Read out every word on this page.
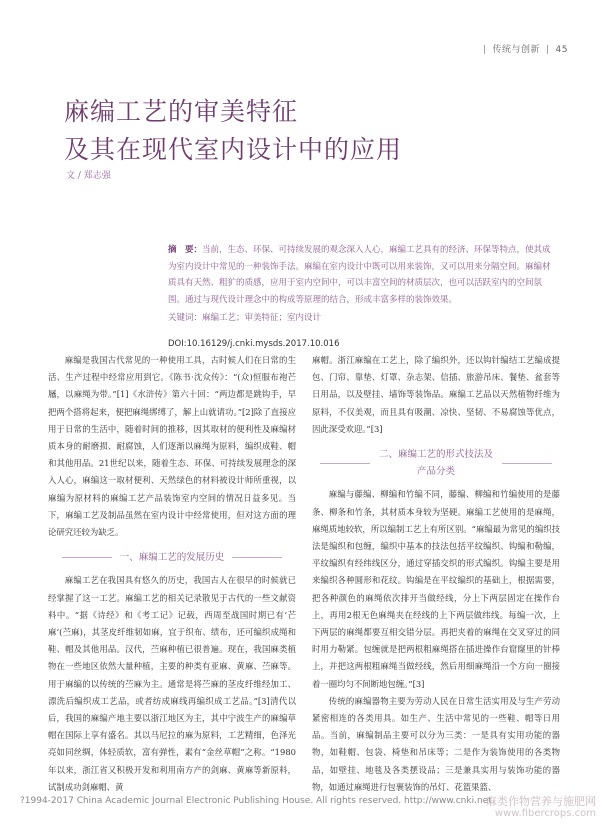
| 传统与创新 | 45
麻编工艺的审美特征
及其在现代室内设计中的应用
文 / 郑志强
摘　要：当前，生态、环保、可持续发展的观念深入人心，麻编工艺具有的经济、环保等特点，使其成为室内设计中常见的一种装饰手法。麻编在室内设计中既可以用来装饰，又可以用来分隔空间。麻编材质具有天然、粗犷的质感，应用于室内空间中，可以丰富空间的材质层次，也可以活跃室内的空间氛围。通过与现代设计理念中的构成等原理的结合，形成丰富多样的装饰效果。
关键词：麻编工艺；审美特征；室内设计
DOI:10.16129/j.cnki.mysds.2017.10.016

麻编是我国古代常见的一种使用工具，古时候人们在日常的生活、生产过程中经常应用到它。《陈书·沈众传》：“(众)恒服布袍芒屩，以麻绳为带。”[1]《水浒传》第六十回：“两边都是跳钩手，早把两个搭将起来，便把麻绳绑缚了，解上山就请功。”[2]除了直接应用于日常的生活中，随着时间的推移，因其取材的便利性及麻编材质本身的耐磨损、耐腐蚀，人们逐渐以麻绳为原料，编织成鞋、帽和其他用品。21世纪以来，随着生态、环保、可持续发展理念的深入人心，麻编这一取材便利、天然绿色的材料被设计师所重视，以麻编为原材料的麻编工艺产品装饰室内空间的情况日益多见。当下，麻编工艺及制品虽然在室内设计中经常使用，但对这方面的理论研究还较为缺乏。

一、麻编工艺的发展历史

麻编工艺在我国具有悠久的历史，我国古人在很早的时候就已经掌握了这一工艺。麻编工艺的相关记录散见于古代的一些文献资料中。“据《诗经》和《考工记》记载，西周至战国时期已有‘芒麻’(苎麻)，其茎皮纤维韧如麻，宜于织布、绩布，还可编织成绳和鞋、帽及其他用品。汉代，苎麻种植已很普遍。现在，我国麻类植物在一些地区依然大量种植，主要的种类有亚麻、黄麻、苎麻等。用于麻编的以传统的苎麻为主。通常是将苎麻的茎皮纤维经加工、漂洗后编织成工艺品，或者纺成麻线再编织成工艺品。”[3]清代以后，我国的麻编产地主要以浙江地区为主，其中宁波生产的麻编草帽在国际上享有盛名。其以马尼拉的麻为原料，工艺精细，色泽光亮如同丝绸，体轻质软，富有弹性，素有“金丝草帽”之称。“1980年以来，浙江省又积极开发和利用南方产的剑麻、黄麻等新原料，试制成功剑麻帽、黄

麻帽。浙江麻编在工艺上，除了编织外，还以钩针编结工艺编成提包、门帘、靠垫、灯罩、杂志架、信插、旅游吊床、餐垫、盆套等日用品，以及壁挂、墙饰等装饰品。麻编工艺品以天然植物纤维为原料，不仅美观，而且具有吸潮、凉快、坚韧、不易腐蚀等优点，因此深受欢迎。”[3]

二、麻编工艺的形式技法及产品分类

麻编与藤编、柳编和竹编不同，藤编、柳编和竹编使用的是藤条、柳条和竹条，其材质本身较为坚硬。麻编工艺使用的是麻绳，麻绳质地较软，所以编制工艺上有所区别。“麻编最为常见的编织技法是编织和包缠，编织中基本的技法包括平纹编织、钩编和勒编，平纹编织有经纬线区分，通过穿插交织的形式编织。钩编主要是用来编织各种圆形和花纹。钩编是在平纹编织的基础上，根据需要，把各种颜色的麻绳依次排开当做经线，分上下两层固定在操作台上，再用2根无色麻绳夹在经线的上下两层做纬线。每编一次，上下两层的麻绳都要互相交错分层。再把夹着的麻绳在交叉穿过的同时用力勒紧。包缠就是把两根粗麻绳搭在插进操作台窟窿里的针棒上，并把这两根粗麻绳当做经线，然后用细麻绳沿一个方向一圈接着一圈均匀不间断地包缠。”[3]

传统的麻编器物主要为劳动人民在日常生活实用及与生产劳动紧密相连的各类用具。如生产、生活中常见的一些鞋、帽等日用品。当前，麻编制品主要可以分为三类：一是具有实用功能的器物，如鞋帽、包袋、椅垫和吊床等；二是作为装饰使用的各类物品，如壁挂、地毯及各类摆设品；三是兼具实用与装饰功能的器物，如通过麻绳进行包裹装饰的吊灯、花篮果篮、

?1994-2017 China Academic Journal Electronic Publishing House. All rights reserved. http://www.cnki.net
麻类作物营养与施肥网
www.fibercrops.com
